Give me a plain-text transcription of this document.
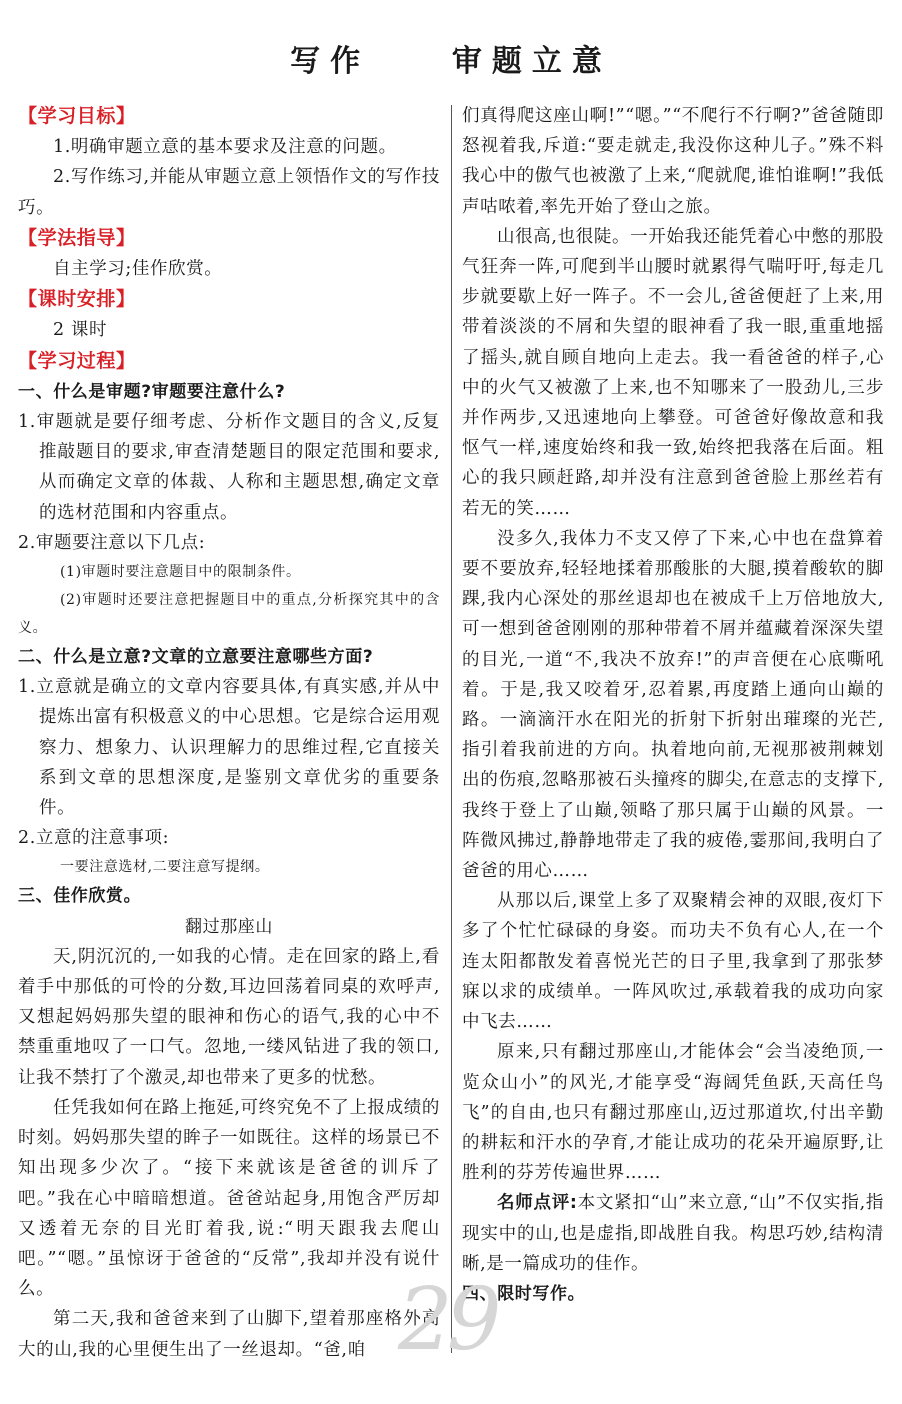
写作    审题立意

【学习目标】

1.明确审题立意的基本要求及注意的问题。

2.写作练习,并能从审题立意上领悟作文的写作技巧。

【学法指导】

自主学习;佳作欣赏。

【课时安排】

2 课时

【学习过程】

一、什么是审题?审题要注意什么?

1.审题就是要仔细考虑、分析作文题目的含义,反复推敲题目的要求,审查清楚题目的限定范围和要求,从而确定文章的体裁、人称和主题思想,确定文章的选材范围和内容重点。

2.审题要注意以下几点:

(1)审题时要注意题目中的限制条件。

(2)审题时还要注意把握题目中的重点,分析探究其中的含义。

二、什么是立意?文章的立意要注意哪些方面?

1.立意就是确立的文章内容要具体,有真实感,并从中提炼出富有积极意义的中心思想。它是综合运用观察力、想象力、认识理解力的思维过程,它直接关系到文章的思想深度,是鉴别文章优劣的重要条件。

2.立意的注意事项:

一要注意选材,二要注意写提纲。

三、佳作欣赏。

翻过那座山

天,阴沉沉的,一如我的心情。走在回家的路上,看着手中那低的可怜的分数,耳边回荡着同桌的欢呼声,又想起妈妈那失望的眼神和伤心的语气,我的心中不禁重重地叹了一口气。忽地,一缕风钻进了我的领口,让我不禁打了个激灵,却也带来了更多的忧愁。

任凭我如何在路上拖延,可终究免不了上报成绩的时刻。妈妈那失望的眸子一如既往。这样的场景已不知出现多少次了。“接下来就该是爸爸的训斥了吧。”我在心中暗暗想道。爸爸站起身,用饱含严厉却又透着无奈的目光盯着我,说:“明天跟我去爬山吧。”“嗯。”虽惊讶于爸爸的“反常”,我却并没有说什么。

第二天,我和爸爸来到了山脚下,望着那座格外高大的山,我的心里便生出了一丝退却。“爸,咱

们真得爬这座山啊!”“嗯。”“不爬行不行啊?”爸爸随即怒视着我,斥道:“要走就走,我没你这种儿子。”殊不料我心中的傲气也被激了上来,“爬就爬,谁怕谁啊!”我低声咕哝着,率先开始了登山之旅。

山很高,也很陡。一开始我还能凭着心中憋的那股气狂奔一阵,可爬到半山腰时就累得气喘吁吁,每走几步就要歇上好一阵子。不一会儿,爸爸便赶了上来,用带着淡淡的不屑和失望的眼神看了我一眼,重重地摇了摇头,就自顾自地向上走去。我一看爸爸的样子,心中的火气又被激了上来,也不知哪来了一股劲儿,三步并作两步,又迅速地向上攀登。可爸爸好像故意和我怄气一样,速度始终和我一致,始终把我落在后面。粗心的我只顾赶路,却并没有注意到爸爸脸上那丝若有若无的笑……

没多久,我体力不支又停了下来,心中也在盘算着要不要放弃,轻轻地揉着那酸胀的大腿,摸着酸软的脚踝,我内心深处的那丝退却也在被成千上万倍地放大,可一想到爸爸刚刚的那种带着不屑并蕴藏着深深失望的目光,一道“不,我决不放弃!”的声音便在心底嘶吼着。于是,我又咬着牙,忍着累,再度踏上通向山巅的路。一滴滴汗水在阳光的折射下折射出璀璨的光芒,指引着我前进的方向。执着地向前,无视那被荆棘划出的伤痕,忽略那被石头撞疼的脚尖,在意志的支撑下,我终于登上了山巅,领略了那只属于山巅的风景。一阵微风拂过,静静地带走了我的疲倦,霎那间,我明白了爸爸的用心……

从那以后,课堂上多了双聚精会神的双眼,夜灯下多了个忙忙碌碌的身姿。而功夫不负有心人,在一个连太阳都散发着喜悦光芒的日子里,我拿到了那张梦寐以求的成绩单。一阵风吹过,承载着我的成功向家中飞去……

原来,只有翻过那座山,才能体会“会当凌绝顶,一览众山小”的风光,才能享受“海阔凭鱼跃,天高任鸟飞”的自由,也只有翻过那座山,迈过那道坎,付出辛勤的耕耘和汗水的孕育,才能让成功的花朵开遍原野,让胜利的芬芳传遍世界……

名师点评:本文紧扣“山”来立意,“山”不仅实指,指现实中的山,也是虚指,即战胜自我。构思巧妙,结构清晰,是一篇成功的佳作。

四、限时写作。

29
